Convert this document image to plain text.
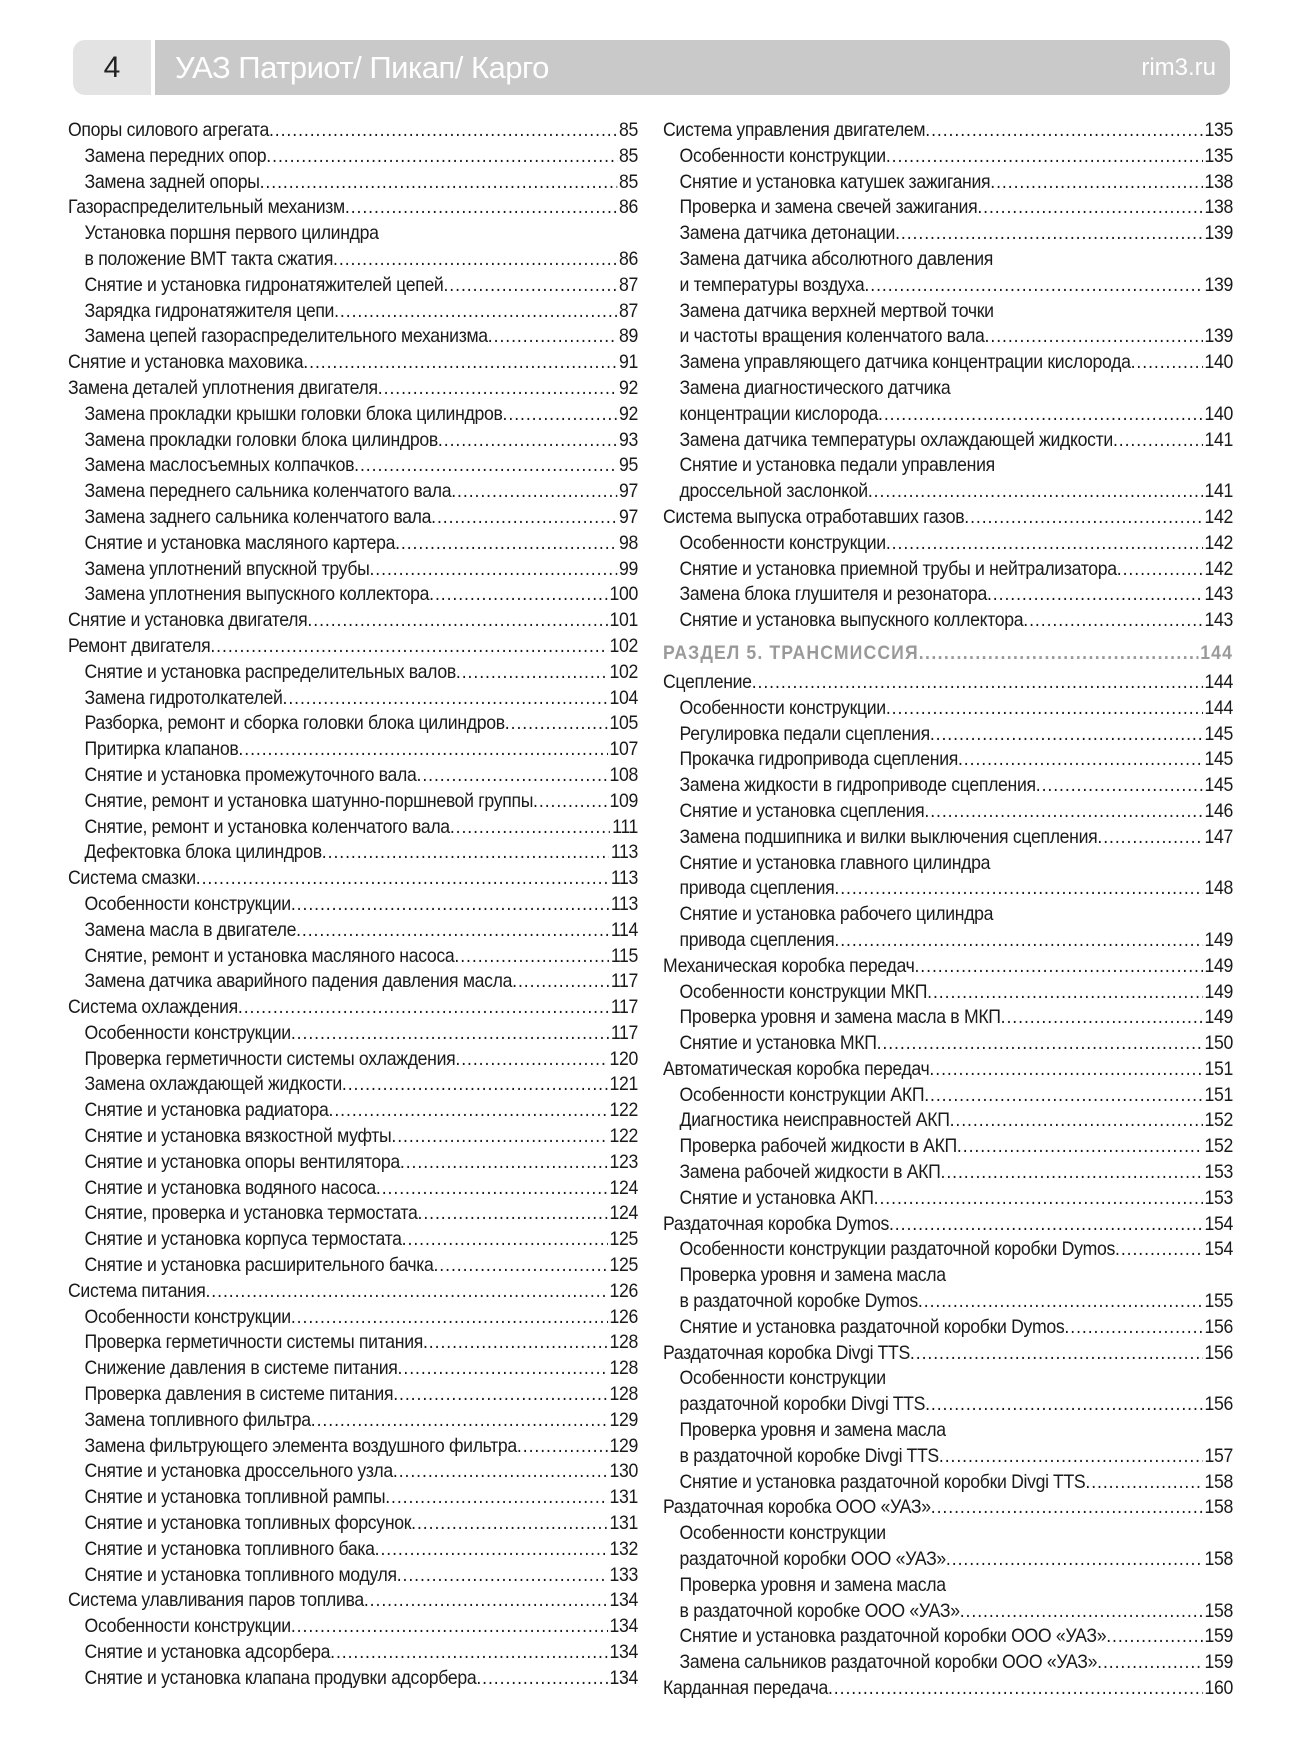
4	УАЗ Патриот/ Пикап/ Карго	rim3.ru
Опоры силового агрегата .....	85
Замена передних опор .....	85
Замена задней опоры .....	85
Газораспределительный механизм .....	86
Установка поршня первого цилиндра
в положение ВМТ такта сжатия .....	86
Снятие и установка гидронатяжителей цепей .....	87
Зарядка гидронатяжителя цепи .....	87
Замена цепей газораспределительного механизма .....	89
Снятие и установка маховика .....	91
Замена деталей уплотнения двигателя .....	92
Замена прокладки крышки головки блока цилиндров .....	92
Замена прокладки головки блока цилиндров .....	93
Замена маслосъемных колпачков .....	95
Замена переднего сальника коленчатого вала .....	97
Замена заднего сальника коленчатого вала .....	97
Снятие и установка масляного картера .....	98
Замена уплотнений впускной трубы .....	99
Замена уплотнения выпускного коллектора .....	100
Снятие и установка двигателя .....	101
Ремонт двигателя .....	102
Снятие и установка распределительных валов .....	102
Замена гидротолкателей .....	104
Разборка, ремонт и сборка головки блока цилиндров .....	105
Притирка клапанов .....	107
Снятие и установка промежуточного вала .....	108
Снятие, ремонт и установка шатунно-поршневой группы .....	109
Снятие, ремонт и установка коленчатого вала .....	111
Дефектовка блока цилиндров .....	113
Система смазки .....	113
Особенности конструкции .....	113
Замена масла в двигателе .....	114
Снятие, ремонт и установка масляного насоса .....	115
Замена датчика аварийного падения давления масла .....	117
Система охлаждения .....	117
Особенности конструкции .....	117
Проверка герметичности системы охлаждения .....	120
Замена охлаждающей жидкости .....	121
Снятие и установка радиатора .....	122
Снятие и установка вязкостной муфты .....	122
Снятие и установка опоры вентилятора .....	123
Снятие и установка водяного насоса .....	124
Снятие, проверка и установка термостата .....	124
Снятие и установка корпуса термостата .....	125
Снятие и установка расширительного бачка .....	125
Система питания .....	126
Особенности конструкции .....	126
Проверка герметичности системы питания .....	128
Снижение давления в системе питания .....	128
Проверка давления в системе питания .....	128
Замена топливного фильтра .....	129
Замена фильтрующего элемента воздушного фильтра .....	129
Снятие и установка дроссельного узла .....	130
Снятие и установка топливной рампы .....	131
Снятие и установка топливных форсунок .....	131
Снятие и установка топливного бака .....	132
Снятие и установка топливного модуля .....	133
Система улавливания паров топлива .....	134
Особенности конструкции .....	134
Снятие и установка адсорбера .....	134
Снятие и установка клапана продувки адсорбера .....	134
Система управления двигателем .....	135
Особенности конструкции .....	135
Снятие и установка катушек зажигания .....	138
Проверка и замена свечей зажигания .....	138
Замена датчика детонации .....	139
Замена датчика абсолютного давления
и температуры воздуха .....	139
Замена датчика верхней мертвой точки
и частоты вращения коленчатого вала .....	139
Замена управляющего датчика концентрации кислорода .....	140
Замена диагностического датчика
концентрации кислорода .....	140
Замена датчика температуры охлаждающей жидкости .....	141
Снятие и установка педали управления
дроссельной заслонкой .....	141
Система выпуска отработавших газов .....	142
Особенности конструкции .....	142
Снятие и установка приемной трубы и нейтрализатора .....	142
Замена блока глушителя и резонатора .....	143
Снятие и установка выпускного коллектора .....	143
РАЗДЕЛ 5. ТРАНСМИССИЯ .....	144
Сцепление .....	144
Особенности конструкции .....	144
Регулировка педали сцепления .....	145
Прокачка гидропривода сцепления .....	145
Замена жидкости в гидроприводе сцепления .....	145
Снятие и установка сцепления .....	146
Замена подшипника и вилки выключения сцепления .....	147
Снятие и установка главного цилиндра
привода сцепления .....	148
Снятие и установка рабочего цилиндра
привода сцепления .....	149
Механическая коробка передач .....	149
Особенности конструкции МКП .....	149
Проверка уровня и замена масла в МКП .....	149
Снятие и установка МКП .....	150
Автоматическая коробка передач .....	151
Особенности конструкции АКП .....	151
Диагностика неисправностей АКП .....	152
Проверка рабочей жидкости в АКП .....	152
Замена рабочей жидкости в АКП .....	153
Снятие и установка АКП .....	153
Раздаточная коробка Dymos .....	154
Особенности конструкции раздаточной коробки Dymos .....	154
Проверка уровня и замена масла
в раздаточной коробке Dymos .....	155
Снятие и установка раздаточной коробки Dymos .....	156
Раздаточная коробка Divgi TTS .....	156
Особенности конструкции
раздаточной коробки Divgi TTS .....	156
Проверка уровня и замена масла
в раздаточной коробке Divgi TTS .....	157
Снятие и установка раздаточной коробки Divgi TTS .....	158
Раздаточная коробка ООО «УАЗ» .....	158
Особенности конструкции
раздаточной коробки ООО «УАЗ» .....	158
Проверка уровня и замена масла
в раздаточной коробке ООО «УАЗ» .....	158
Снятие и установка раздаточной коробки ООО «УАЗ» .....	159
Замена сальников раздаточной коробки ООО «УАЗ» .....	159
Карданная передача .....	160
